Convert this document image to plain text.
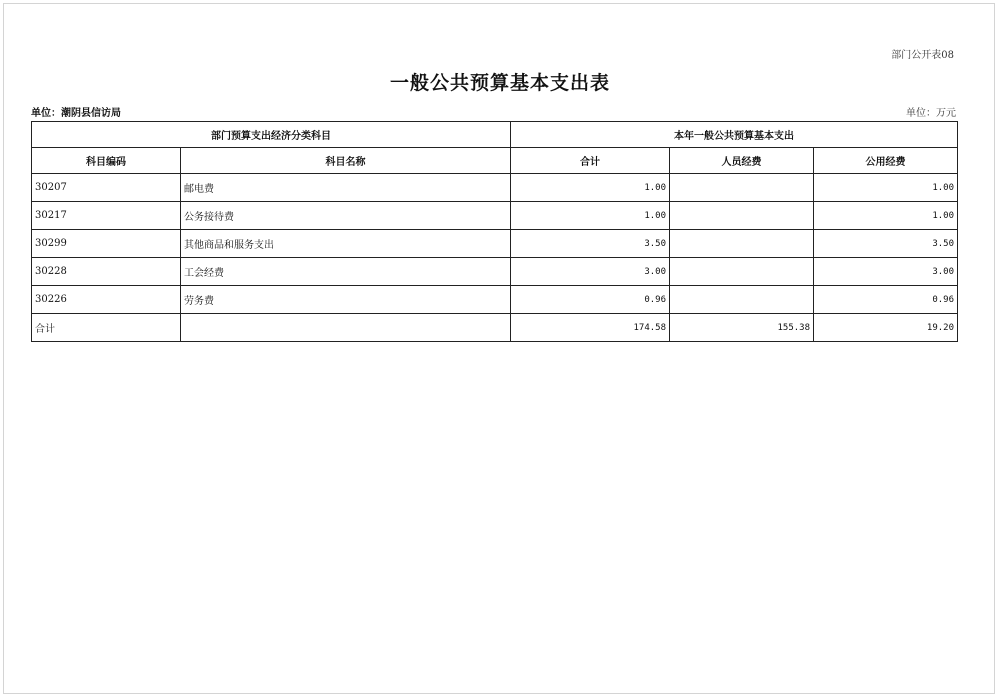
部门公开表08
一般公共预算基本支出表
单位：潮阴县信访局	单位：万元
部门预算支出经济分类科目		本年一般公共预算基本支出		
科目编码	科目名称	合计	人员经费	公用经费
30207	邮电费	1.00		1.00
30217	公务接待费	1.00		1.00
30299	其他商品和服务支出	3.50		3.50
30228	工会经费	3.00		3.00
30226	劳务费	0.96		0.96
合计		174.58	155.38	19.20
